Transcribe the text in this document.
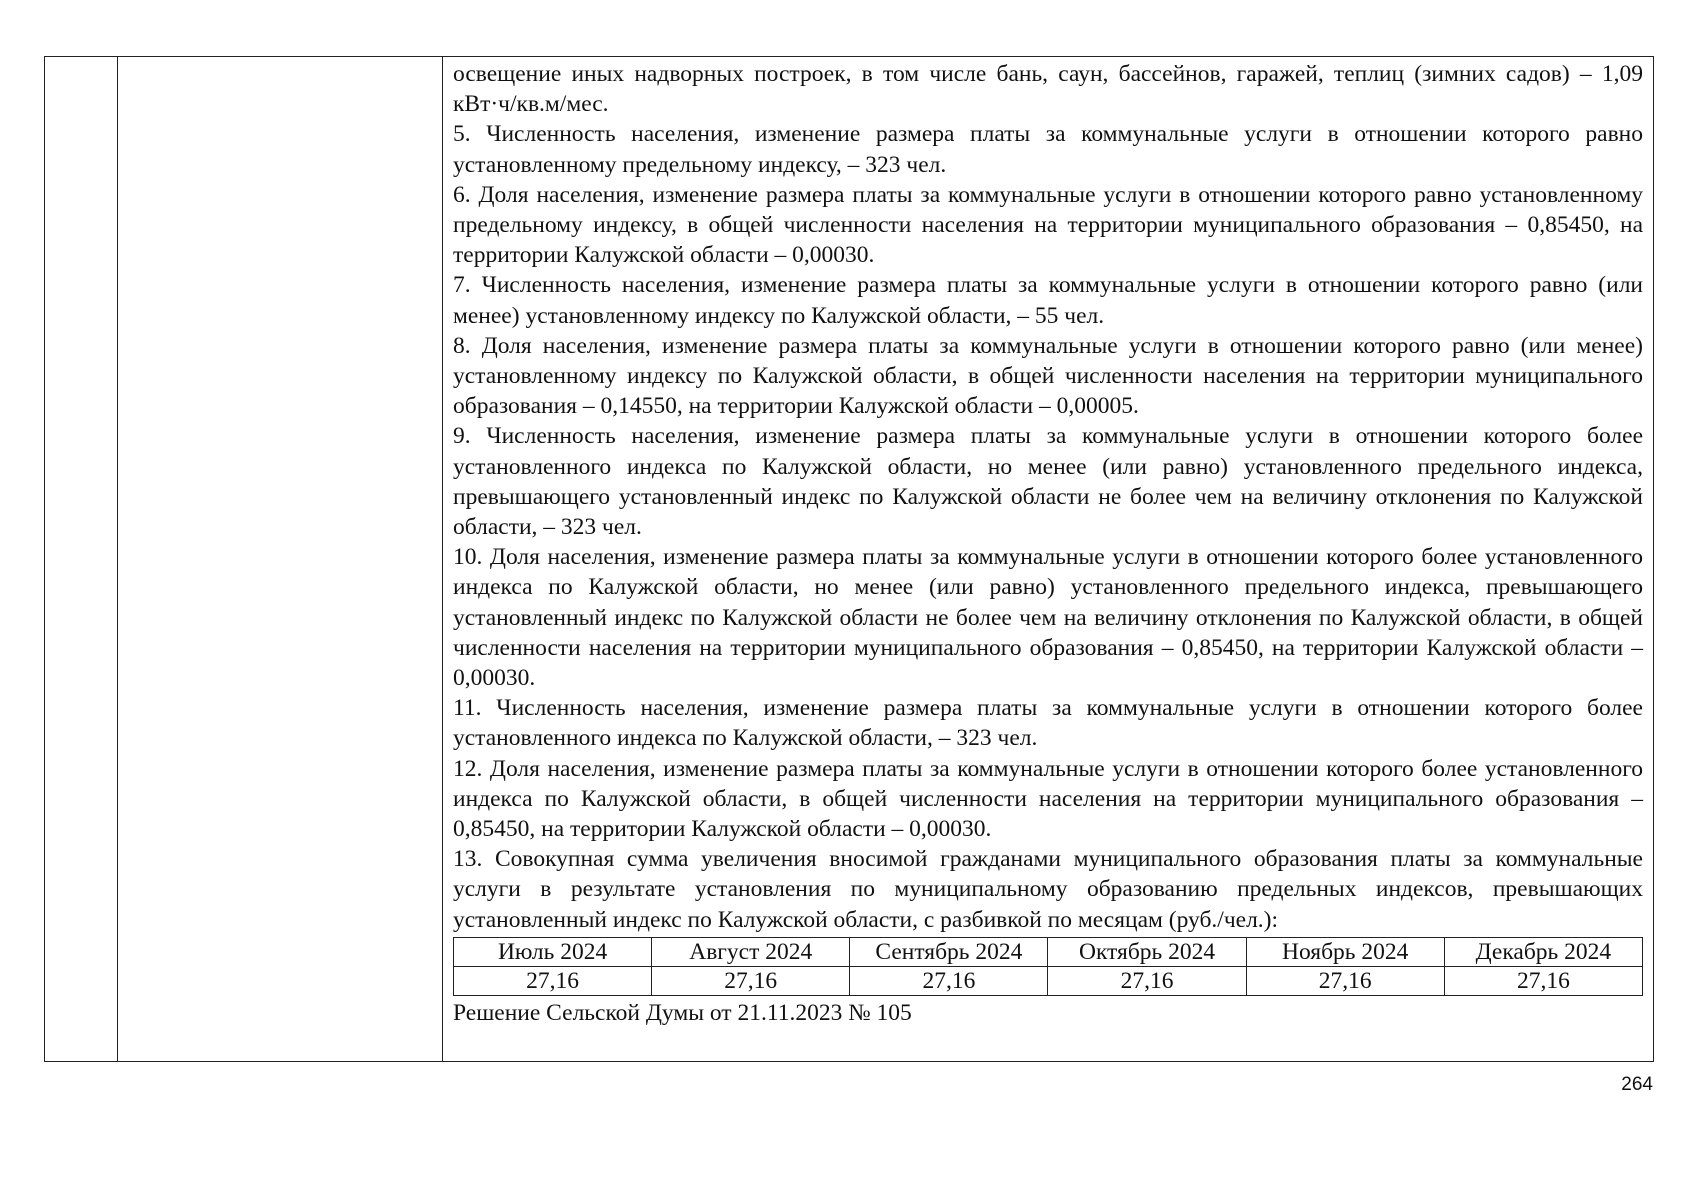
освещение иных надворных построек, в том числе бань, саун, бассейнов, гаражей, теплиц (зимних садов) – 1,09 кВт·ч/кв.м/мес.

5. Численность населения, изменение размера платы за коммунальные услуги в отношении которого равно установленному предельному индексу, – 323 чел.

6. Доля населения, изменение размера платы за коммунальные услуги в отношении которого равно установленному предельному индексу, в общей численности населения на территории муниципального образования – 0,85450, на территории Калужской области – 0,00030.

7. Численность населения, изменение размера платы за коммунальные услуги в отношении которого равно (или менее) установленному индексу по Калужской области, – 55 чел.

8. Доля населения, изменение размера платы за коммунальные услуги в отношении которого равно (или менее) установленному индексу по Калужской области, в общей численности населения на территории муниципального образования – 0,14550, на территории Калужской области – 0,00005.

9. Численность населения, изменение размера платы за коммунальные услуги в отношении которого более установленного индекса по Калужской области, но менее (или равно) установленного предельного индекса, превышающего установленный индекс по Калужской области не более чем на величину отклонения по Калужской области, – 323 чел.

10. Доля населения, изменение размера платы за коммунальные услуги в отношении которого более установленного индекса по Калужской области, но менее (или равно) установленного предельного индекса, превышающего установленный индекс по Калужской области не более чем на величину отклонения по Калужской области, в общей численности населения на территории муниципального образования – 0,85450, на территории Калужской области – 0,00030.

11. Численность населения, изменение размера платы за коммунальные услуги в отношении которого более установленного индекса по Калужской области, – 323 чел.

12. Доля населения, изменение размера платы за коммунальные услуги в отношении которого более установленного индекса по Калужской области, в общей численности населения на территории муниципального образования – 0,85450, на территории Калужской области – 0,00030.

13. Совокупная сумма увеличения вносимой гражданами муниципального образования платы за коммунальные услуги в результате установления по муниципальному образованию предельных индексов, превышающих установленный индекс по Калужской области, с разбивкой по месяцам (руб./чел.):

Июль 2024	Август 2024	Сентябрь 2024	Октябрь 2024	Ноябрь 2024	Декабрь 2024
27,16	27,16	27,16	27,16	27,16	27,16

Решение Сельской Думы от 21.11.2023 № 105

264
